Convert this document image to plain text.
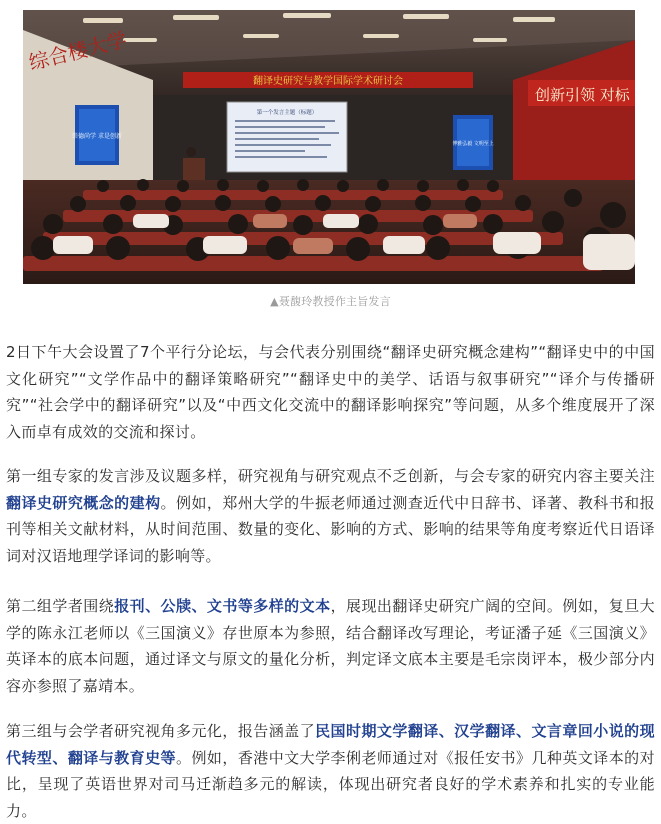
翻译史研究与教学国际学术研讨会
综合楼大学
创新引领 对标
崇德尚学 求是创新
博雅弘毅 文明至上
第一个发言主题（标题）
▲聂馥玲教授作主旨发言

2日下午大会设置了7个平行分论坛，与会代表分别围绕“翻译史研究概念建构”“翻译史中的中国文化研究”“文学作品中的翻译策略研究”“翻译史中的美学、话语与叙事研究”“译介与传播研究”“社会学中的翻译研究”以及“中西文化交流中的翻译影响探究”等问题，从多个维度展开了深入而卓有成效的交流和探讨。

第一组专家的发言涉及议题多样，研究视角与研究观点不乏创新，与会专家的研究内容主要关注翻译史研究概念的建构。例如，郑州大学的牛振老师通过测查近代中日辞书、译著、教科书和报刊等相关文献材料，从时间范围、数量的变化、影响的方式、影响的结果等角度考察近代日语译词对汉语地理学译词的影响等。

第二组学者围绕报刊、公牍、文书等多样的文本，展现出翻译史研究广阔的空间。例如，复旦大学的陈永江老师以《三国演义》存世原本为参照，结合翻译改写理论，考证潘子延《三国演义》英译本的底本问题，通过译文与原文的量化分析，判定译文底本主要是毛宗岗评本，极少部分内容亦参照了嘉靖本。

第三组与会学者研究视角多元化，报告涵盖了民国时期文学翻译、汉学翻译、文言章回小说的现代转型、翻译与教育史等。例如，香港中文大学李俐老师通过对《报任安书》几种英文译本的对比，呈现了英语世界对司马迁渐趋多元的解读，体现出研究者良好的学术素养和扎实的专业能力。
